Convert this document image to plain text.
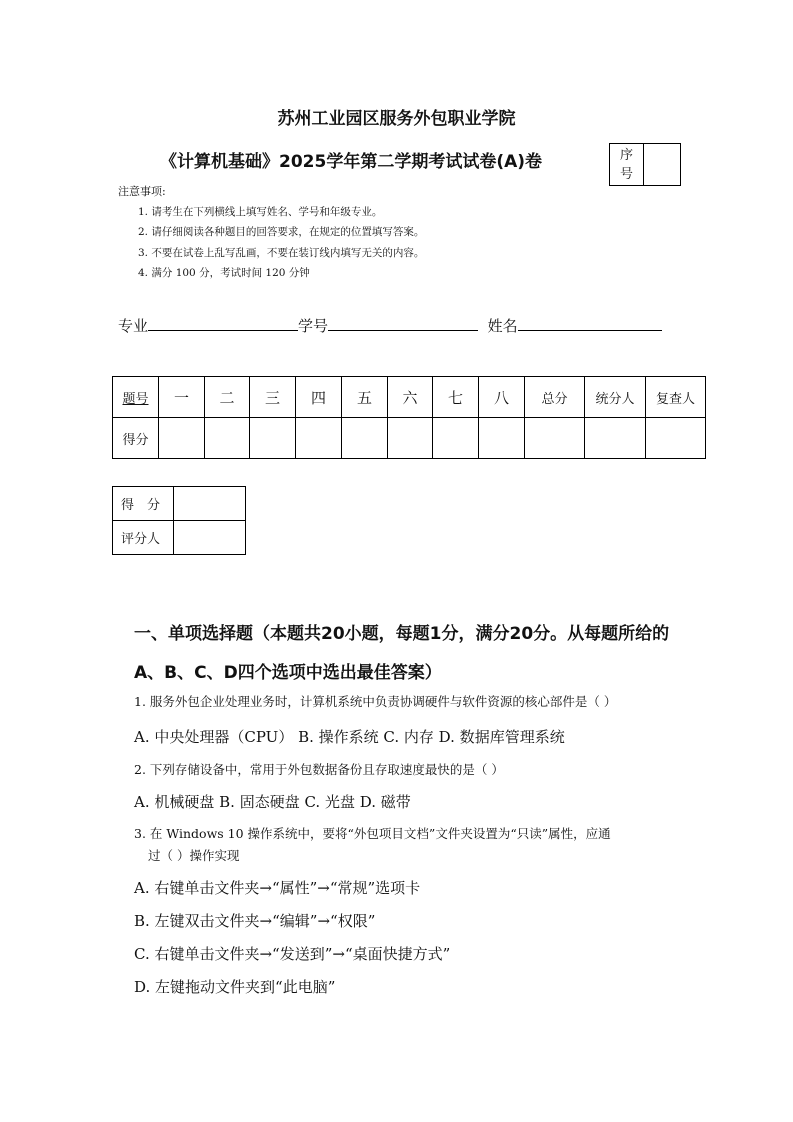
苏州工业园区服务外包职业学院
《计算机基础》2025学年第二学期考试试卷(A)卷	序
号
注意事项:
1. 请考生在下列横线上填写姓名、学号和年级专业。
2. 请仔细阅读各种题目的回答要求，在规定的位置填写答案。
3. 不要在试卷上乱写乱画，不要在装订线内填写无关的内容。
4. 满分 100 分，考试时间 120 分钟
专业	学号	姓名
题号	一	二	三	四	五	六	七	八	总分	统分人	复查人
得分											
得　分	
评分人	
一、单项选择题（本题共20小题，每题1分，满分20分。从每题所给的A、B、C、D四个选项中选出最佳答案）
1. 服务外包企业处理业务时，计算机系统中负责协调硬件与软件资源的核心部件是（ ）
A. 中央处理器（CPU） B. 操作系统 C. 内存 D. 数据库管理系统
2. 下列存储设备中，常用于外包数据备份且存取速度最快的是（ ）
A. 机械硬盘 B. 固态硬盘 C. 光盘 D. 磁带
3. 在 Windows 10 操作系统中，要将“外包项目文档”文件夹设置为“只读”属性，应通
过（ ）操作实现
A. 右键单击文件夹→“属性”→“常规”选项卡
B. 左键双击文件夹→“编辑”→“权限”
C. 右键单击文件夹→“发送到”→“桌面快捷方式”
D. 左键拖动文件夹到“此电脑”
